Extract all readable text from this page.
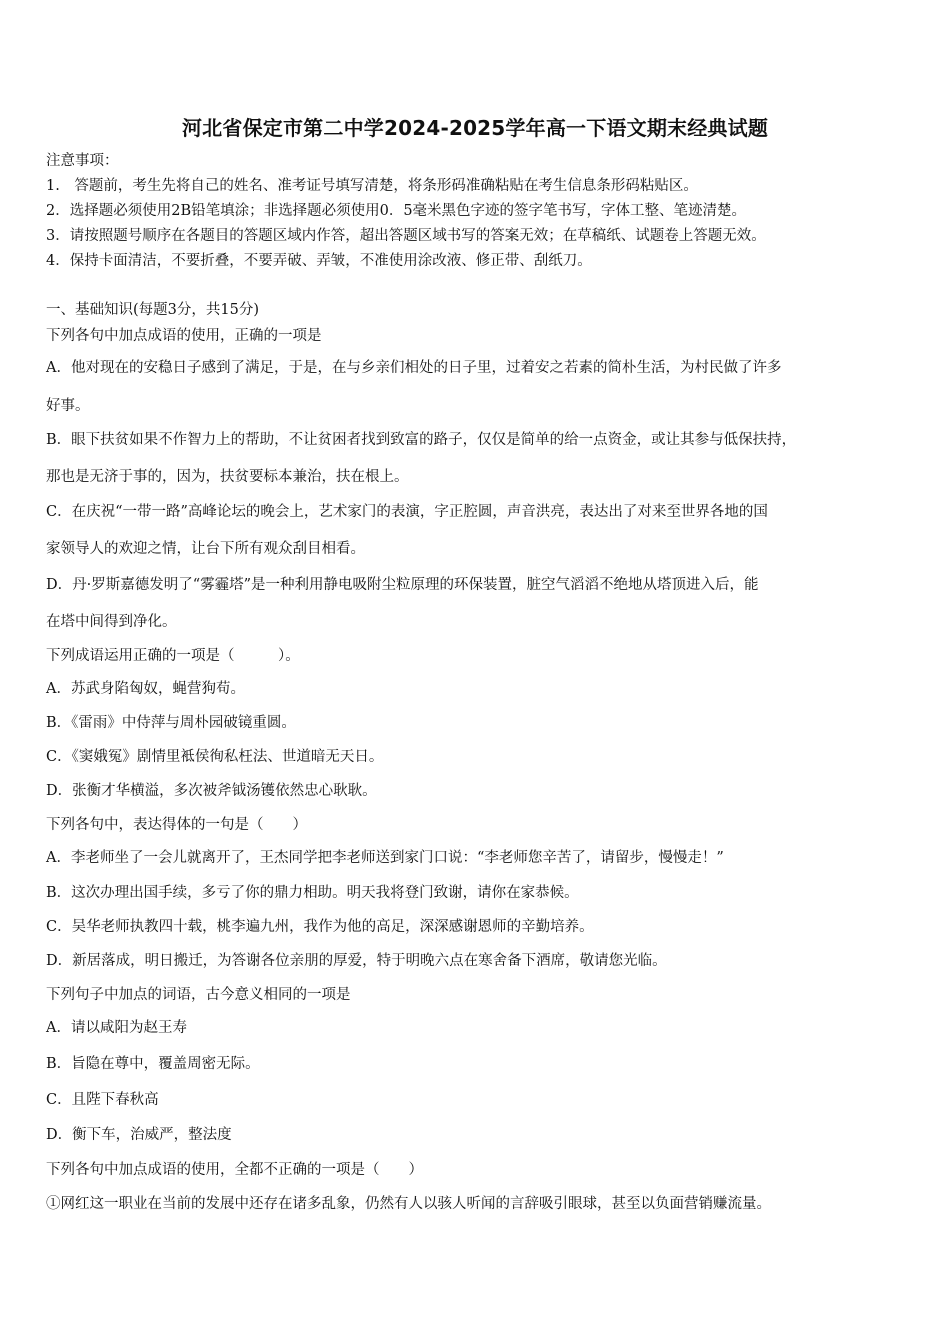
河北省保定市第二中学2024-2025学年高一下语文期末经典试题
注意事项：
1.　答题前，考生先将自己的姓名、准考证号填写清楚，将条形码准确粘贴在考生信息条形码粘贴区。
2．选择题必须使用2B铅笔填涂；非选择题必须使用0．5毫米黑色字迹的签字笔书写，字体工整、笔迹清楚。
3．请按照题号顺序在各题目的答题区域内作答，超出答题区域书写的答案无效；在草稿纸、试题卷上答题无效。
4．保持卡面清洁，不要折叠，不要弄破、弄皱，不准使用涂改液、修正带、刮纸刀。
一、基础知识(每题3分，共15分)
下列各句中加点成语的使用，正确的一项是
A．他对现在的安稳日子感到了满足，于是，在与乡亲们相处的日子里，过着安之若素的简朴生活，为村民做了许多
好事。
B．眼下扶贫如果不作智力上的帮助，不让贫困者找到致富的路子，仅仅是简单的给一点资金，或让其参与低保扶持，
那也是无济于事的，因为，扶贫要标本兼治，扶在根上。
C．在庆祝“一带一路”高峰论坛的晚会上，艺术家门的表演，字正腔圆，声音洪亮，表达出了对来至世界各地的国
家领导人的欢迎之情，让台下所有观众刮目相看。
D．丹·罗斯嘉德发明了“雾霾塔”是一种利用静电吸附尘粒原理的环保装置，脏空气滔滔不绝地从塔顶进入后，能
在塔中间得到净化。
下列成语运用正确的一项是（　　　）。
A．苏武身陷匈奴，蝇营狗苟。
B．《雷雨》中侍萍与周朴园破镜重圆。
C．《窦娥冤》剧情里袛侯徇私枉法、世道暗无天日。
D．张衡才华横溢，多次被斧钺汤镬依然忠心耿耿。
下列各句中，表达得体的一句是（　　）
A．李老师坐了一会儿就离开了，王杰同学把李老师送到家门口说：“李老师您辛苦了，请留步，慢慢走！”
B．这次办理出国手续，多亏了你的鼎力相助。明天我将登门致谢，请你在家恭候。
C．吴华老师执教四十载，桃李遍九州，我作为他的高足，深深感谢恩师的辛勤培养。
D．新居落成，明日搬迁，为答谢各位亲朋的厚爱，特于明晚六点在寒舍备下酒席，敬请您光临。
下列句子中加点的词语，古今意义相同的一项是
A．请以咸阳为赵王寿
B．旨隐在尊中，覆盖周密无际。
C．且陛下春秋高
D．衡下车，治威严，整法度
下列各句中加点成语的使用，全都不正确的一项是（　　）
①网红这一职业在当前的发展中还存在诸多乱象，仍然有人以骇人听闻的言辞吸引眼球，甚至以负面营销赚流量。
